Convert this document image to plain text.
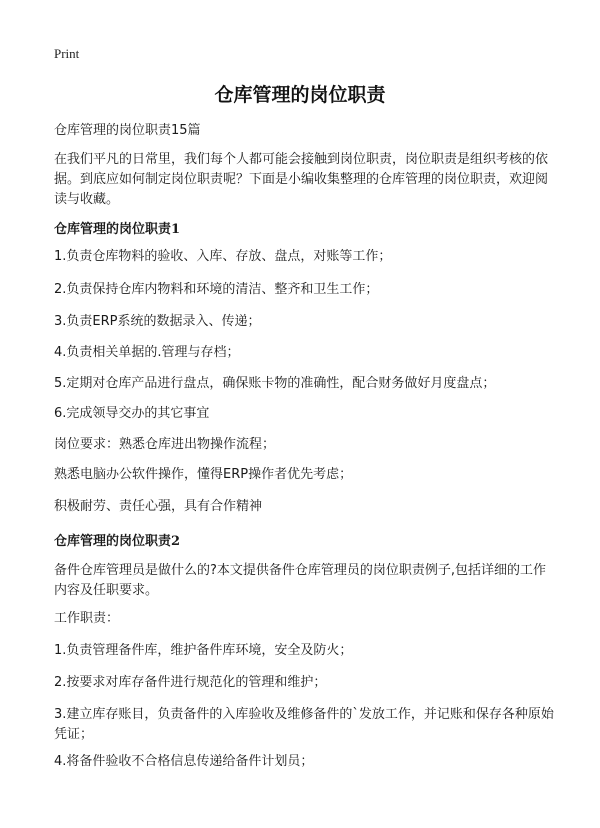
Print
仓库管理的岗位职责

仓库管理的岗位职责15篇

在我们平凡的日常里，我们每个人都可能会接触到岗位职责，岗位职责是组织考核的依据。到底应如何制定岗位职责呢？下面是小编收集整理的仓库管理的岗位职责，欢迎阅读与收藏。

仓库管理的岗位职责1

1.负责仓库物料的验收、入库、存放、盘点，对账等工作；

2.负责保持仓库内物料和环境的清洁、整齐和卫生工作；

3.负责ERP系统的数据录入、传递；

4.负责相关单据的.管理与存档；

5.定期对仓库产品进行盘点，确保账卡物的准确性，配合财务做好月度盘点；

6.完成领导交办的其它事宜

岗位要求：熟悉仓库进出物操作流程；

熟悉电脑办公软件操作，懂得ERP操作者优先考虑；

积极耐劳、责任心强，具有合作精神

仓库管理的岗位职责2

备件仓库管理员是做什么的?本文提供备件仓库管理员的岗位职责例子,包括详细的工作内容及任职要求。

工作职责：

1.负责管理备件库，维护备件库环境，安全及防火；

2.按要求对库存备件进行规范化的管理和维护；

3.建立库存账目，负责备件的入库验收及维修备件的`发放工作，并记账和保存各种原始凭证；

4.将备件验收不合格信息传递给备件计划员；
